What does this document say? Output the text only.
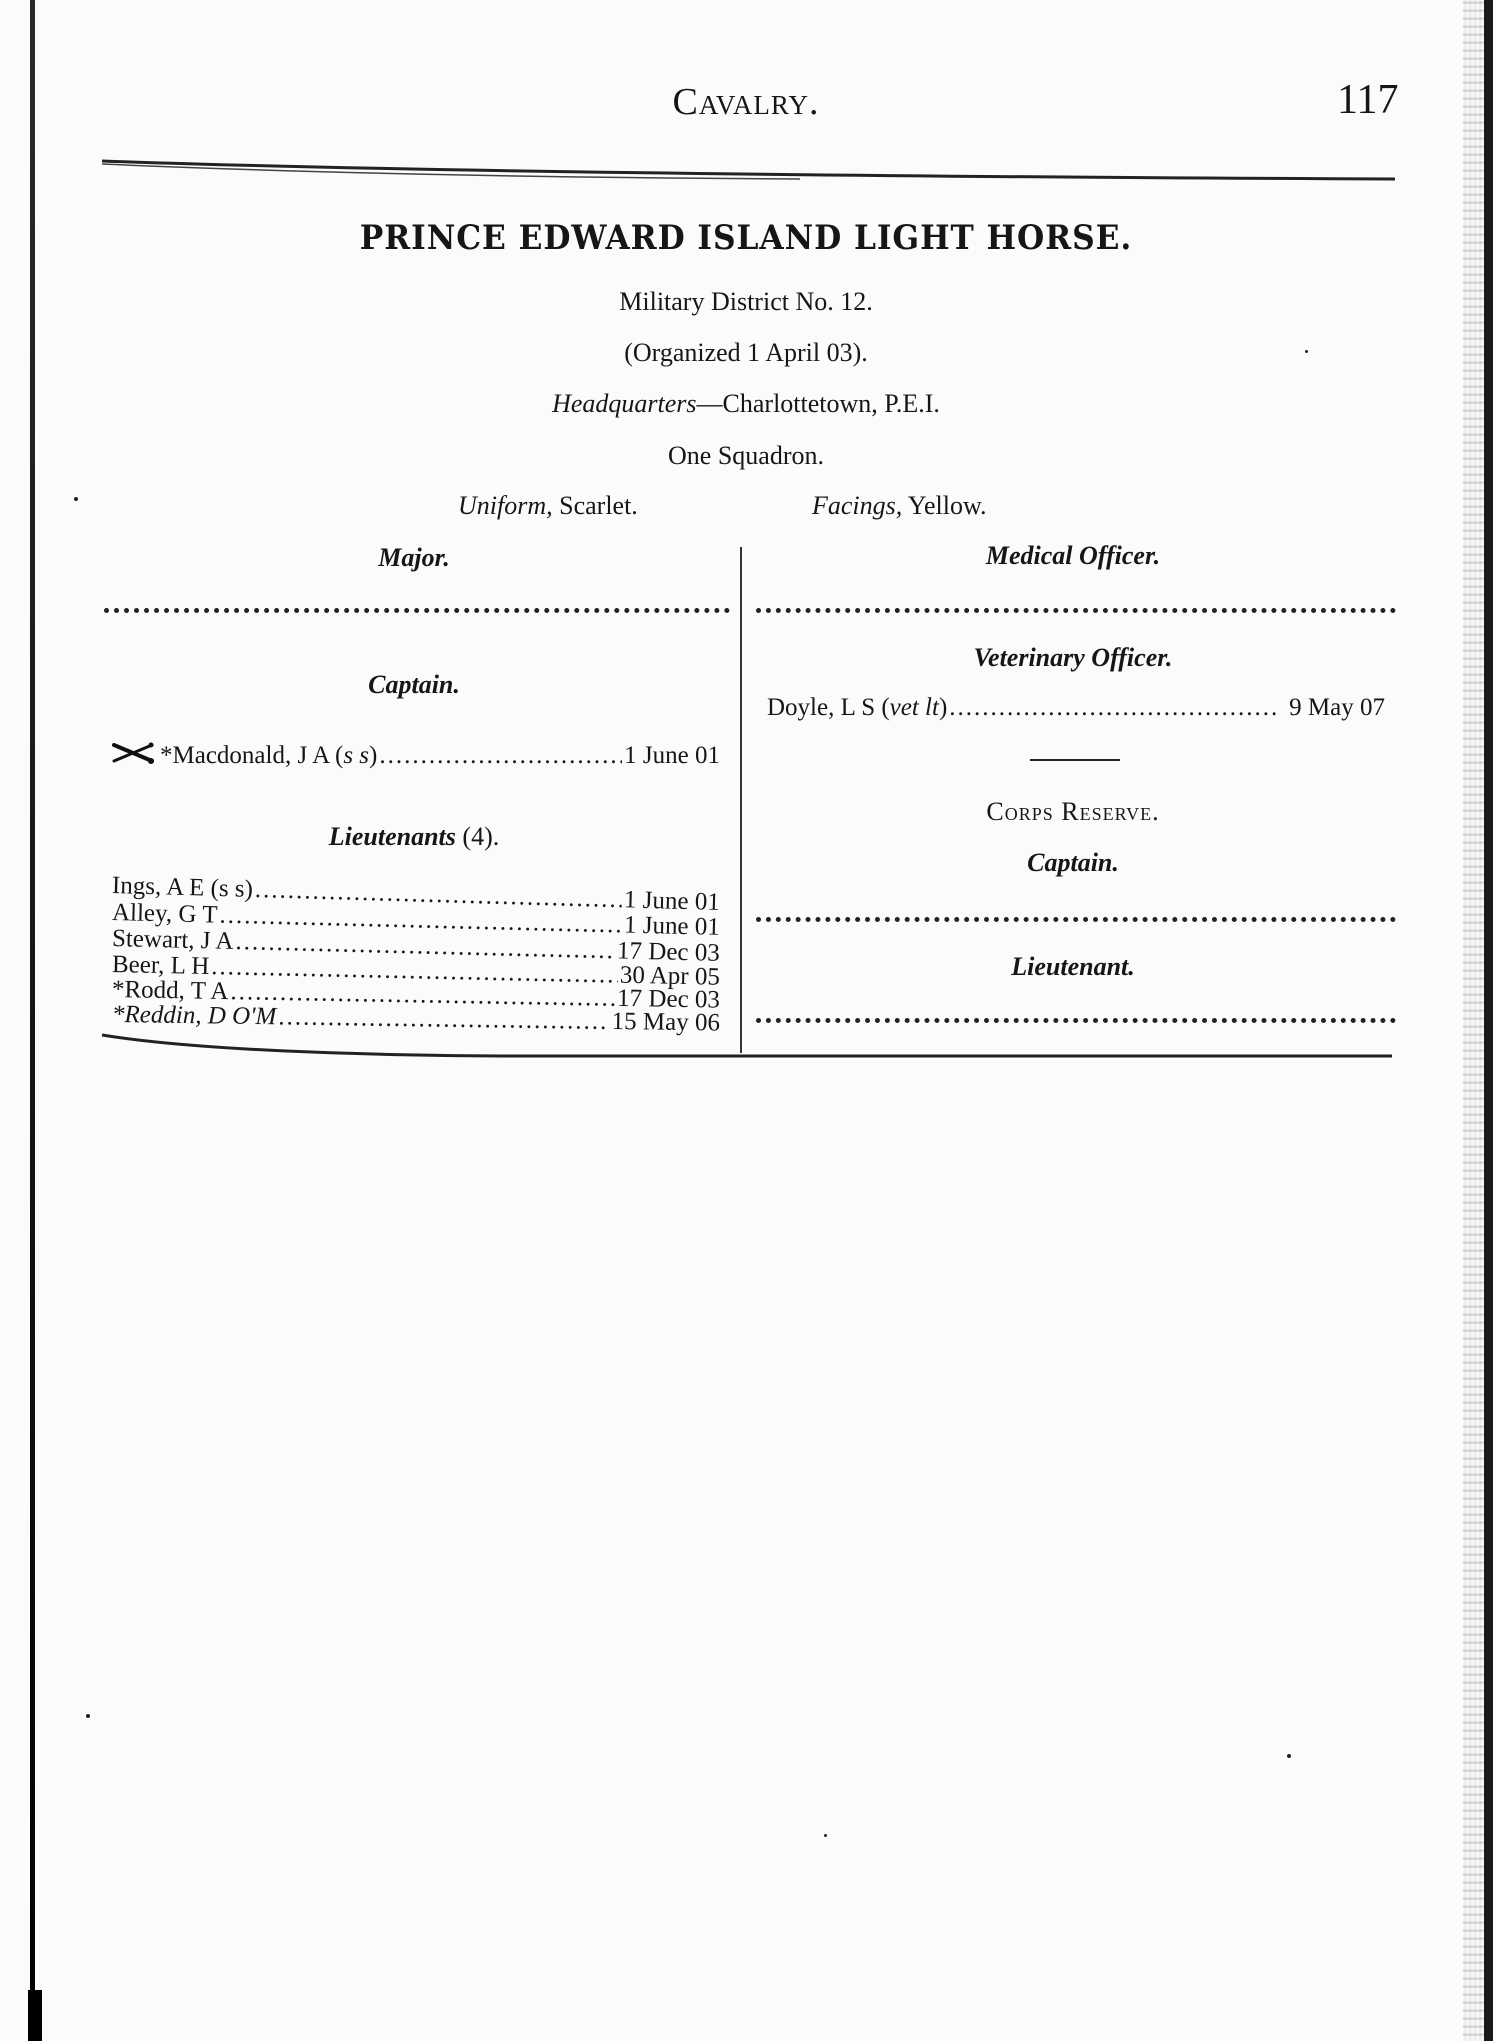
Cavalry.	117
PRINCE EDWARD ISLAND LIGHT HORSE.
Military District No. 12.
(Organized 1 April 03).
Headquarters—Charlottetown, P.E.I.
One Squadron.
Uniform, Scarlet.	Facings, Yellow.
Major.
Captain.
*Macdonald, J A (s s) .....	1 June 01
Lieutenants (4).
Ings, A E (s s) .....	1 June 01
Alley, G T .....	1 June 01
Stewart, J A .....	17 Dec 03
Beer, L H .....	30 Apr 05
*Rodd, T A .....	17 Dec 03
*Reddin, D O'M .....	15 May 06
Medical Officer.
Veterinary Officer.
Doyle, L S (vet lt) .....	9 May 07
Corps Reserve.
Captain.
Lieutenant.
